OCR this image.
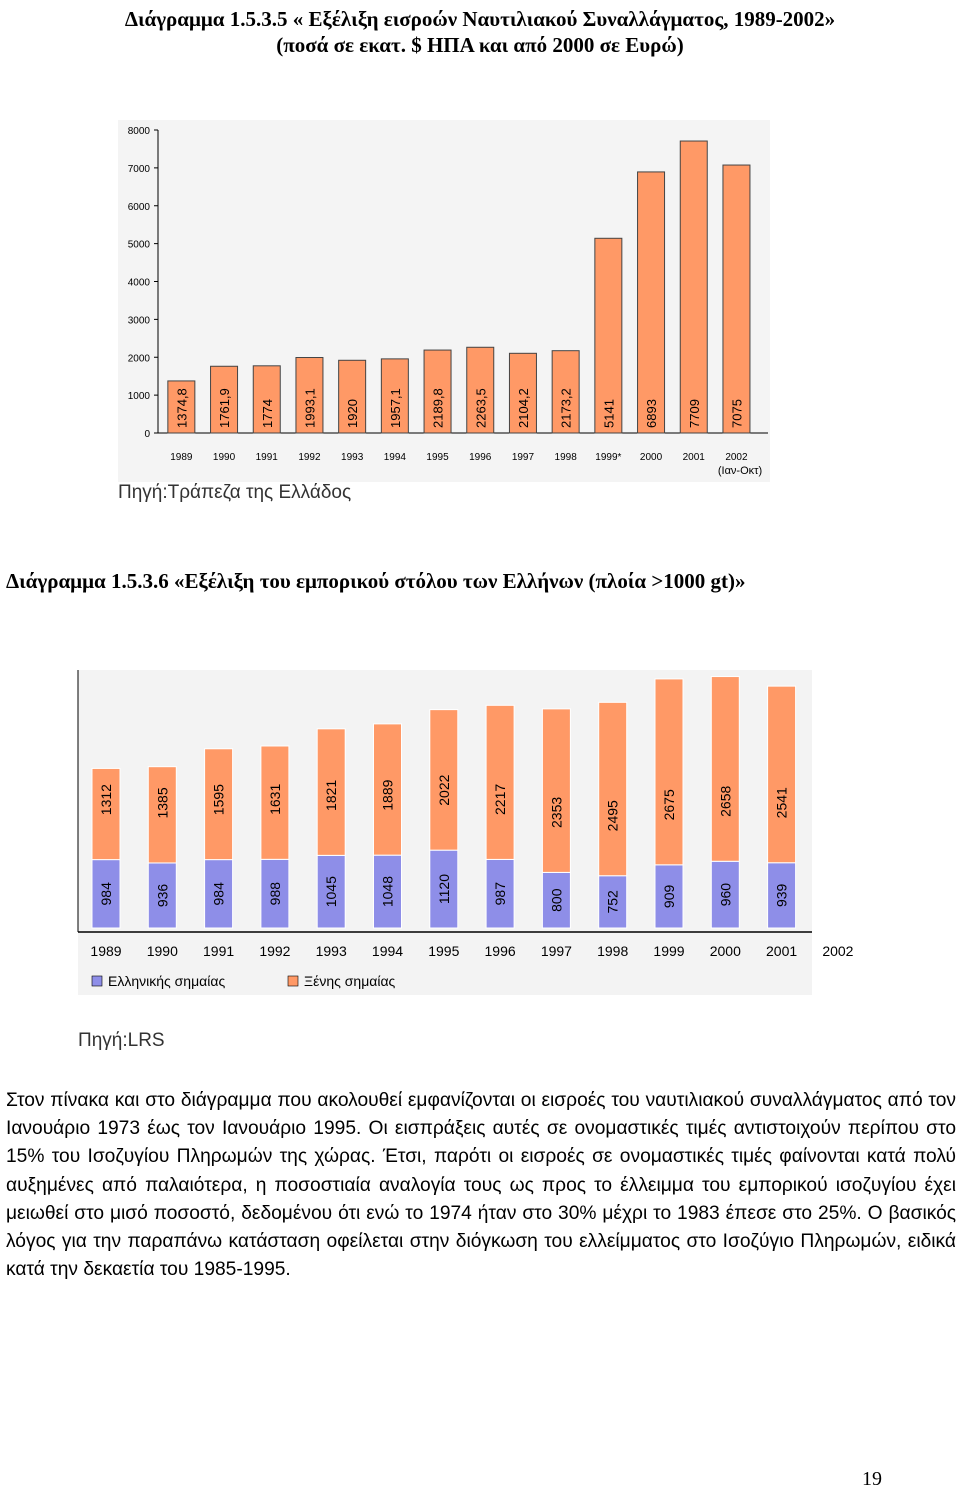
Διάγραμμα 1.5.3.5 « Εξέλιξη εισροών Ναυτιλιακού Συναλλάγματος, 1989-2002»
(ποσά σε εκατ. $ ΗΠΑ και από 2000 σε Ευρώ)
0
1000
2000
3000
4000
5000
6000
7000
8000
1374,8
1989
1761,9
1990
1774
1991
1993,1
1992
1920
1993
1957,1
1994
2189,8
1995
2263,5
1996
2104,2
1997
2173,2
1998
5141
1999*
6893
2000
7709
2001
7075
2002
(Ιαν-Οκτ)
Πηγή:Τράπεζα της Ελλάδος
Διάγραμμα 1.5.3.6 «Εξέλιξη του εμπορικού στόλου των Ελλήνων (πλοία >1000 gt)»
984
1312
1989
936
1385
1990
984
1595
1991
988
1631
1992
1045
1821
1993
1048
1889
1994
1120
2022
1995
987
2217
1996
800
2353
1997
752
2495
1998
909
2675
1999
960
2658
2000
939
2541
2001 2002
Ελληνικής σημαίας	Ξένης σημαίας
Πηγή:LRS
Στον πίνακα και στο διάγραμμα που ακολουθεί εμφανίζονται οι εισροές του ναυτιλιακού συναλλάγματος από τον Ιανουάριο 1973 έως τον Ιανουάριο 1995. Οι εισπράξεις αυτές σε ονομαστικές τιμές αντιστοιχούν περίπου στο 15% του Ισοζυγίου Πληρωμών της χώρας. Έτσι, παρότι οι εισροές σε ονομαστικές τιμές φαίνονται κατά πολύ αυξημένες από παλαιότερα, η ποσοστιαία αναλογία τους ως προς το έλλειμμα του εμπορικού ισοζυγίου έχει μειωθεί στο μισό ποσοστό, δεδομένου ότι ενώ το 1974 ήταν στο 30% μέχρι το 1983 έπεσε στο 25%. Ο βασικός λόγος για την παραπάνω κατάσταση οφείλεται στην διόγκωση του ελλείμματος στο Ισοζύγιο Πληρωμών, ειδικά κατά την δεκαετία του 1985-1995.
19
